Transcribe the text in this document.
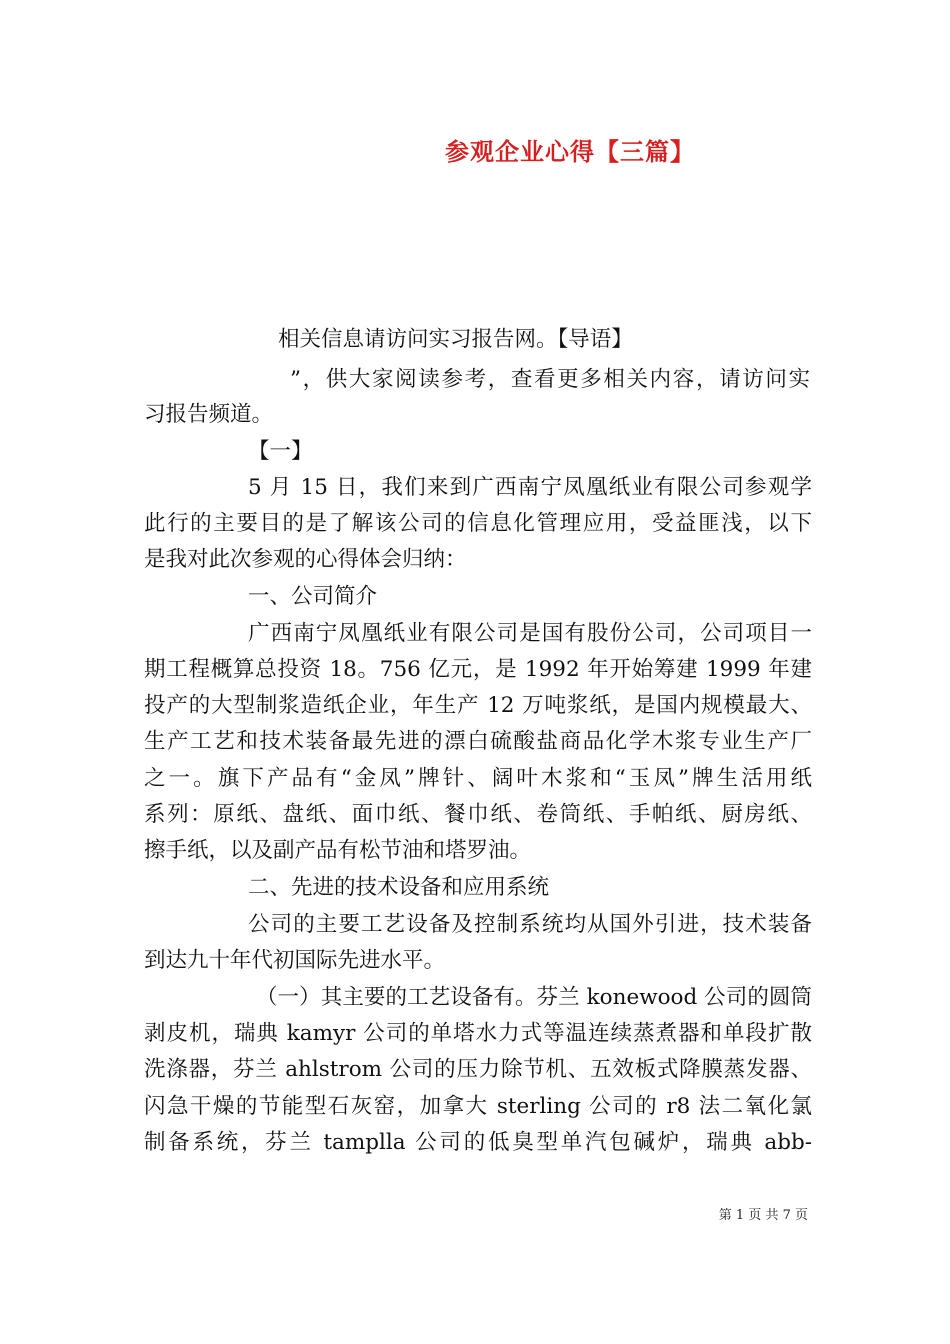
参观企业心得【三篇】
相关信息请访问实习报告网。【导语】
”，供大家阅读参考，查看更多相关内容，请访问实
习报告频道。
【一】
5 月 15 日，我们来到广西南宁凤凰纸业有限公司参观学
此行的主要目的是了解该公司的信息化管理应用，受益匪浅，以下
是我对此次参观的心得体会归纳：
一、公司简介
广西南宁凤凰纸业有限公司是国有股份公司，公司项目一
期工程概算总投资 18。756 亿元，是 1992 年开始筹建 1999 年建
投产的大型制浆造纸企业，年生产 12 万吨浆纸，是国内规模最大、
生产工艺和技术装备最先进的漂白硫酸盐商品化学木浆专业生产厂
之一。旗下产品有“金凤”牌针、阔叶木浆和“玉凤”牌生活用纸
系列：原纸、盘纸、面巾纸、餐巾纸、卷筒纸、手帕纸、厨房纸、
擦手纸，以及副产品有松节油和塔罗油。
二、先进的技术设备和应用系统
公司的主要工艺设备及控制系统均从国外引进，技术装备
到达九十年代初国际先进水平。
（一）其主要的工艺设备有。芬兰 konewood 公司的圆筒
剥皮机，瑞典 kamyr 公司的单塔水力式等温连续蒸煮器和单段扩散
洗涤器，芬兰 ahlstrom 公司的压力除节机、五效板式降膜蒸发器、
闪急干燥的节能型石灰窑，加拿大 sterling 公司的 r8 法二氧化氯
制备系统，芬兰 tamplla 公司的低臭型单汽包碱炉，瑞典 abb-
第 1 页 共 7 页
